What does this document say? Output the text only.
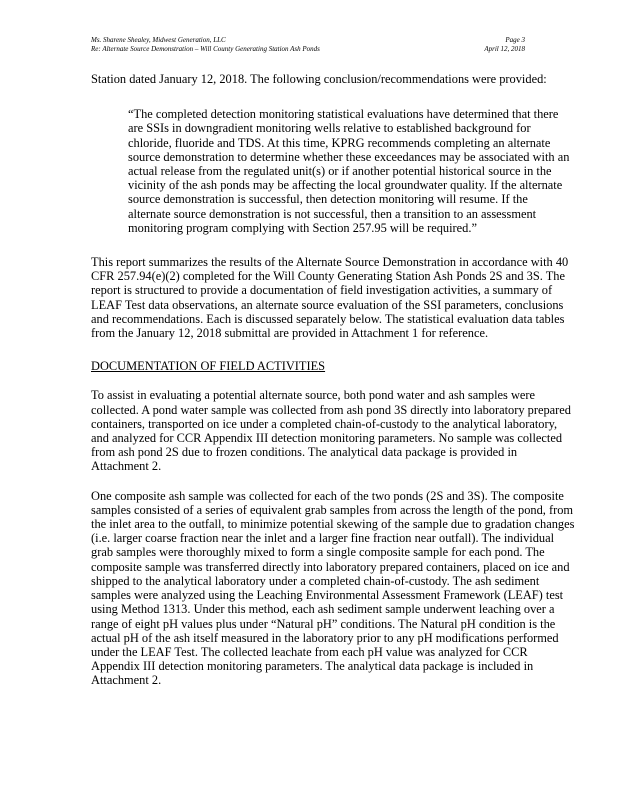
Ms. Sharene Shealey, Midwest Generation, LLC	Page 3
Re: Alternate Source Demonstration – Will County Generating Station Ash Ponds	April 12, 2018

Station dated January 12, 2018. The following conclusion/recommendations were provided:

“The completed detection monitoring statistical evaluations have determined that there are SSIs in downgradient monitoring wells relative to established background for chloride, fluoride and TDS. At this time, KPRG recommends completing an alternate source demonstration to determine whether these exceedances may be associated with an actual release from the regulated unit(s) or if another potential historical source in the vicinity of the ash ponds may be affecting the local groundwater quality. If the alternate source demonstration is successful, then detection monitoring will resume. If the alternate source demonstration is not successful, then a transition to an assessment monitoring program complying with Section 257.95 will be required.”

This report summarizes the results of the Alternate Source Demonstration in accordance with 40 CFR 257.94(e)(2) completed for the Will County Generating Station Ash Ponds 2S and 3S. The report is structured to provide a documentation of field investigation activities, a summary of LEAF Test data observations, an alternate source evaluation of the SSI parameters, conclusions and recommendations. Each is discussed separately below. The statistical evaluation data tables from the January 12, 2018 submittal are provided in Attachment 1 for reference.

DOCUMENTATION OF FIELD ACTIVITIES

To assist in evaluating a potential alternate source, both pond water and ash samples were collected. A pond water sample was collected from ash pond 3S directly into laboratory prepared containers, transported on ice under a completed chain-of-custody to the analytical laboratory, and analyzed for CCR Appendix III detection monitoring parameters. No sample was collected from ash pond 2S due to frozen conditions. The analytical data package is provided in Attachment 2.

One composite ash sample was collected for each of the two ponds (2S and 3S). The composite samples consisted of a series of equivalent grab samples from across the length of the pond, from the inlet area to the outfall, to minimize potential skewing of the sample due to gradation changes (i.e. larger coarse fraction near the inlet and a larger fine fraction near outfall). The individual grab samples were thoroughly mixed to form a single composite sample for each pond. The composite sample was transferred directly into laboratory prepared containers, placed on ice and shipped to the analytical laboratory under a completed chain-of-custody. The ash sediment samples were analyzed using the Leaching Environmental Assessment Framework (LEAF) test using Method 1313. Under this method, each ash sediment sample underwent leaching over a range of eight pH values plus under “Natural pH” conditions. The Natural pH condition is the actual pH of the ash itself measured in the laboratory prior to any pH modifications performed under the LEAF Test. The collected leachate from each pH value was analyzed for CCR Appendix III detection monitoring parameters. The analytical data package is included in Attachment 2.
